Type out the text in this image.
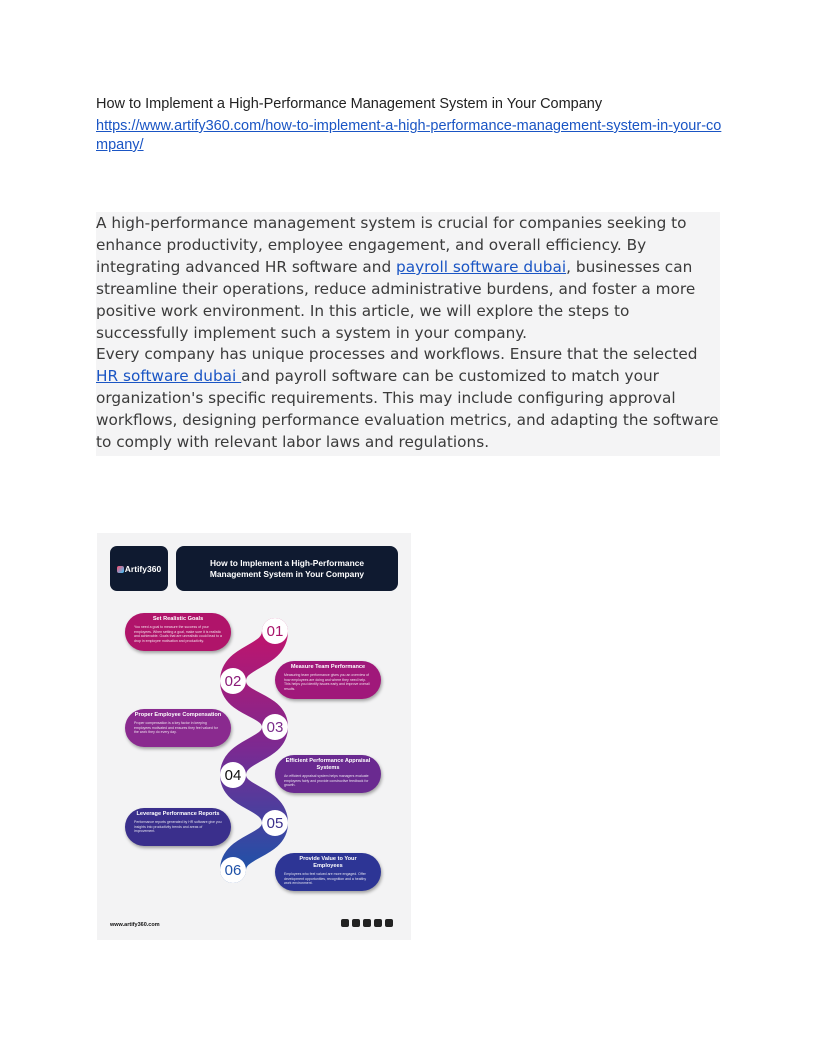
How to Implement a High-Performance Management System in Your Company
https://www.artify360.com/how-to-implement-a-high-performance-management-system-in-your-company/

A high-performance management system is crucial for companies seeking to enhance productivity, employee engagement, and overall efficiency. By integrating advanced HR software and payroll software dubai, businesses can streamline their operations, reduce administrative burdens, and foster a more positive work environment. In this article, we will explore the steps to successfully implement such a system in your company.

Every company has unique processes and workflows. Ensure that the selected HR software dubai and payroll software can be customized to match your organization's specific requirements. This may include configuring approval workflows, designing performance evaluation metrics, and adapting the software to comply with relevant labor laws and regulations.

Artify360
How to Implement a High-Performance Management System in Your Company
Set Realistic Goals
You need a goal to measure the success of your employees. When setting a goal, make sure it is realistic and achievable. Goals that are unrealistic could lead to a drop in employee motivation and productivity.
Measure Team Performance
Measuring team performance gives you an overview of how employees are doing and where they need help. This helps you identify issues early and improve overall results.
Proper Employee Compensation
Proper compensation is a key factor in keeping employees motivated and ensures they feel valued for the work they do every day.
Efficient Performance Appraisal Systems
An efficient appraisal system helps managers evaluate employees fairly and provide constructive feedback for growth.
Leverage Performance Reports
Performance reports generated by HR software give you insights into productivity trends and areas of improvement.
Provide Value to Your Employees
Employees who feel valued are more engaged. Offer development opportunities, recognition and a healthy work environment.
01
02
03
04
05
06
www.artify360.com
